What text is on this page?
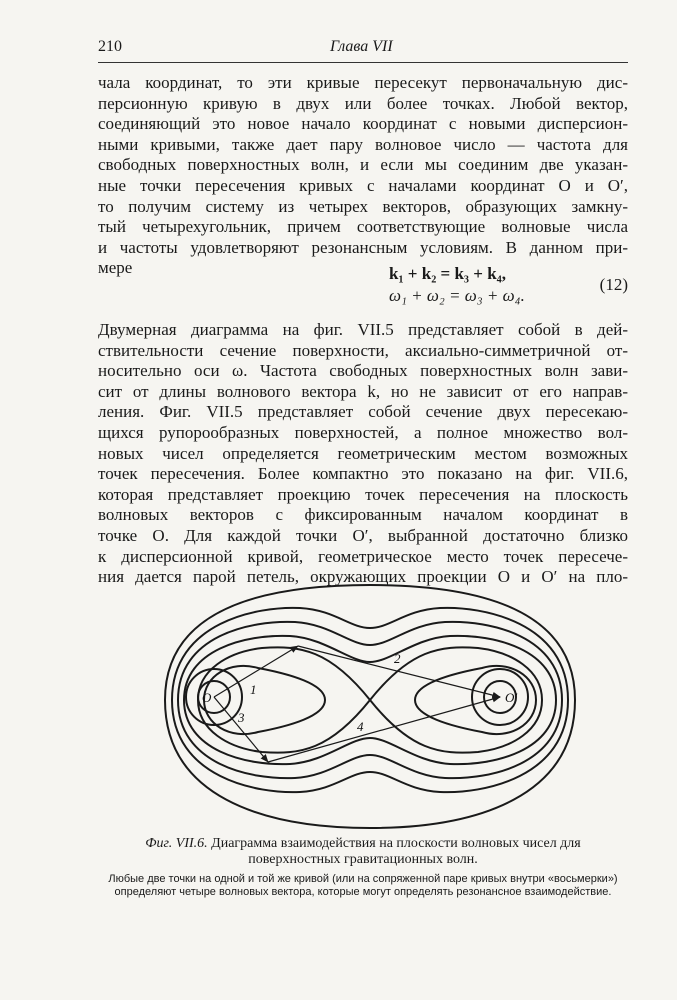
210	Глава VII
чала координат, то эти кривые пересекут первоначальную дис-
персионную кривую в двух или более точках. Любой вектор,
соединяющий это новое начало координат с новыми дисперсион-
ными кривыми, также дает пару волновое число — частота для
свободных поверхностных волн, и если мы соединим две указан-
ные точки пересечения кривых с началами координат O и O′,
то получим систему из четырех векторов, образующих замкну-
тый четырехугольник, причем соответствующие волновые числа
и частоты удовлетворяют резонансным условиям. В данном при-
мере	k₁ + k₂ = k₃ + k₄,
ω₁ + ω₂ = ω₃ + ω₄.
(12)
Двумерная диаграмма на фиг. VII.5 представляет собой в дей-
ствительности сечение поверхности, аксиально-симметричной от-
носительно оси ω. Частота свободных поверхностных волн зави-
сит от длины волнового вектора k, но не зависит от его направ-
ления. Фиг. VII.5 представляет собой сечение двух пересекаю-
щихся рупорообразных поверхностей, а полное множество вол-
новых чисел определяется геометрическим местом возможных
точек пересечения. Более компактно это показано на фиг. VII.6,
которая представляет проекцию точек пересечения на плоскость
волновых векторов с фиксированным началом координат в
точке O. Для каждой точки O′, выбранной достаточно близко
к дисперсионной кривой, геометрическое место точек пересече-
ния дается парой петель, окружающих проекции O и O′ на пло-
O	O′
1
2
3
4
Фиг. VII.6. Диаграмма взаимодействия на плоскости волновых чисел для поверхностных гравитационных волн.
Любые две точки на одной и той же кривой (или на сопряженной паре кривых внутри «восьмерки») определяют четыре волновых вектора, которые могут определять резонансное взаимодействие.
